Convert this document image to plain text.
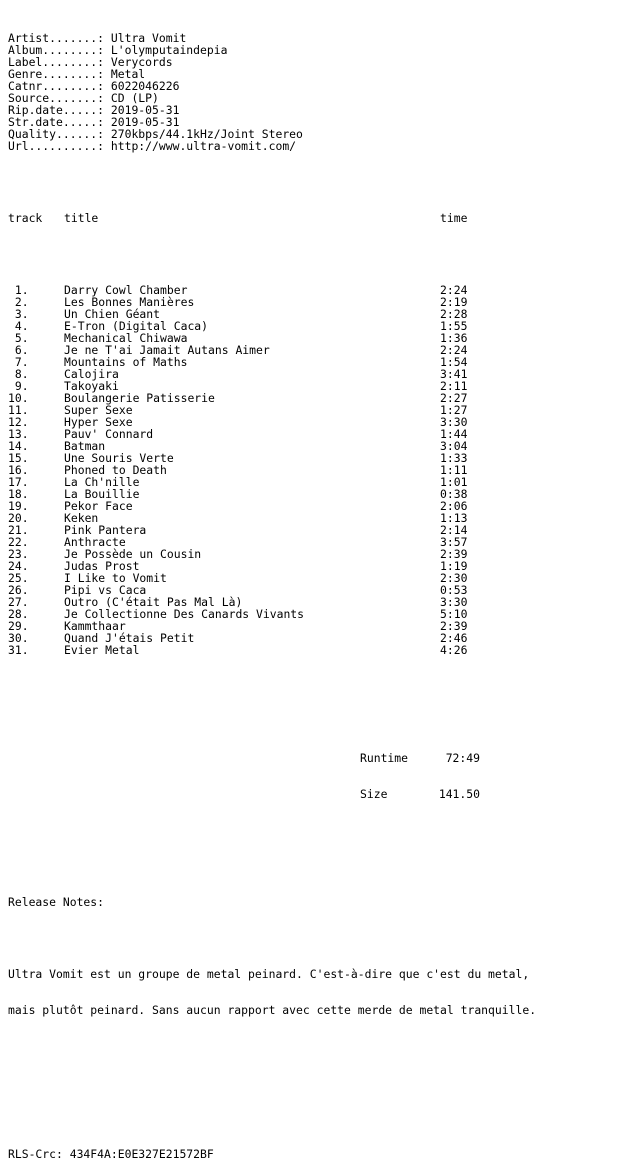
Artist.......: Ultra Vomit
Album........: L'olymputaindepia
Label........: Verycords
Genre........: Metal
Catnr........: 6022046226
Source.......: CD (LP)
Rip.date.....: 2019-05-31
Str.date.....: 2019-05-31
Quality......: 270kbps/44.1kHz/Joint Stereo
Url..........: http://www.ultra-vomit.com/

track title	time

1.	Darry Cowl Chamber	2:24
2.	Les Bonnes Manières	2:19
3.	Un Chien Géant	2:28
4.	E-Tron (Digital Caca)	1:55
5.	Mechanical Chiwawa	1:36
6.	Je ne T'ai Jamait Autans Aimer	2:24
7.	Mountains of Maths	1:54
8.	Calojira	3:41
9.	Takoyaki	2:11
10.	Boulangerie Patisserie	2:27
11.	Super Sexe	1:27
12.	Hyper Sexe	3:30
13.	Pauv' Connard	1:44
14.	Batman	3:04
15.	Une Souris Verte	1:33
16.	Phoned to Death	1:11
17.	La Ch'nille	1:01
18.	La Bouillie	0:38
19.	Pekor Face	2:06
20.	Keken	1:13
21.	Pink Pantera	2:14
22.	Anthracte	3:57
23.	Je Possède un Cousin	2:39
24.	Judas Prost	1:19
25.	I Like to Vomit	2:30
26.	Pipi vs Caca	0:53
27.	Outro (C'était Pas Mal Là)	3:30
28.	Je Collectionne Des Canards Vivants	5:10
29.	Kammthaar	2:39
30.	Quand J'étais Petit	2:46
31.	Evier Metal	4:26

Runtime	72:49

Size	141.50

Release Notes:

Ultra Vomit est un groupe de metal peinard. C'est-à-dire que c'est du metal,

mais plutôt peinard. Sans aucun rapport avec cette merde de metal tranquille.

RLS-Crc: 434F4A:E0E327E21572BF
